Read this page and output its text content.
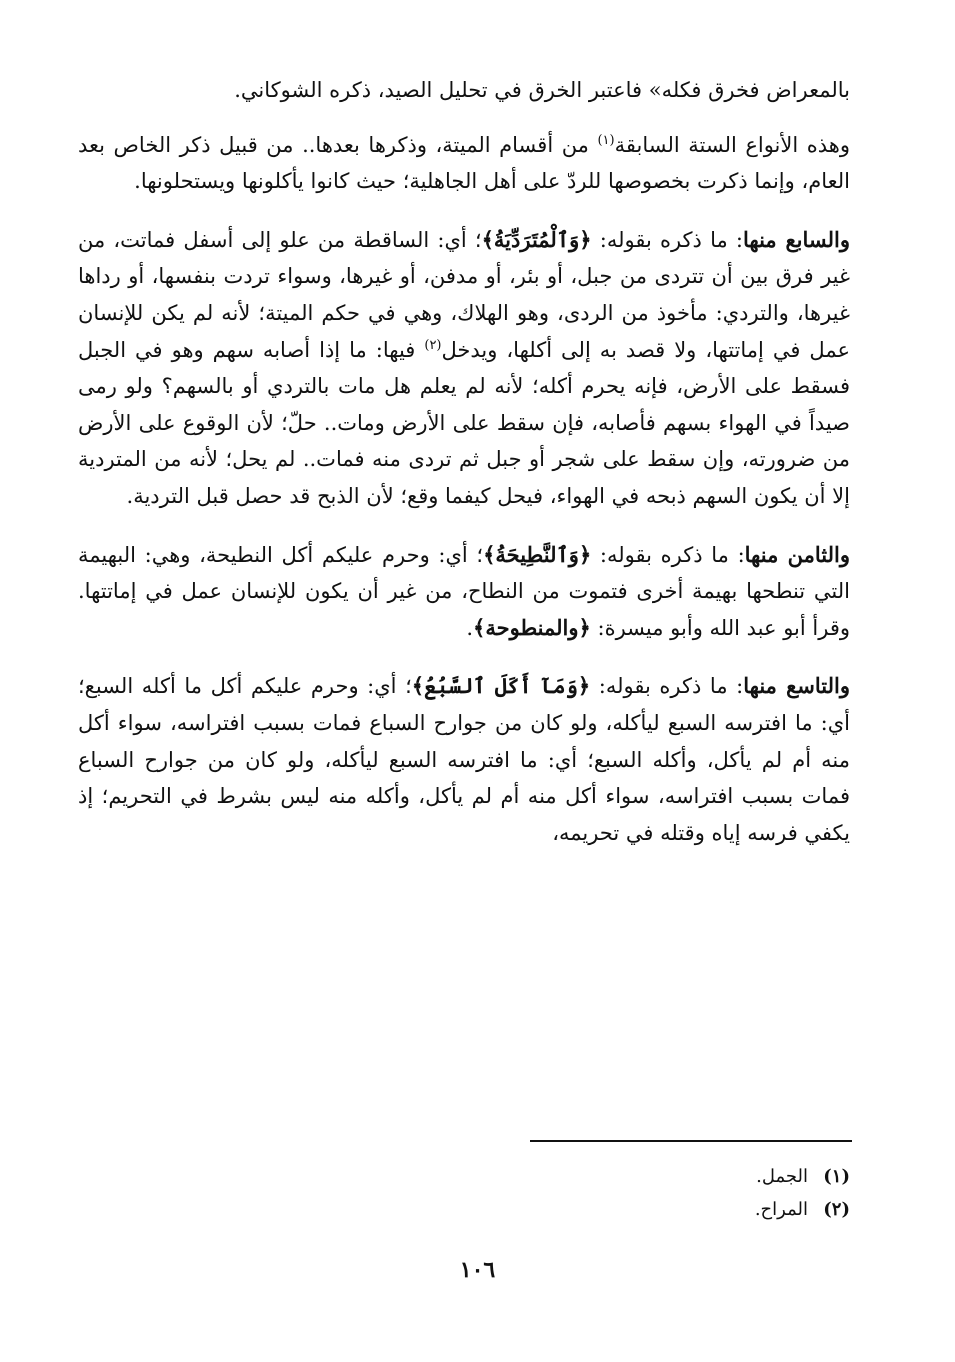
بالمعراض فخرق فكله» فاعتبر الخرق في تحليل الصيد، ذكره الشوكاني.

وهذه الأنواع الستة السابقة$^{(١)}$ من أقسام الميتة، وذكرها بعدها.. من قبيل ذكر الخاص بعد العام، وإنما ذكرت بخصوصها للردّ على أهل الجاهلية؛ حيث كانوا يأكلونها ويستحلونها.

والسابع منها: ما ذكره بقوله: ﴿وَٱلْمُتَرَدِّيَةُ﴾؛ أي: الساقطة من علو إلى أسفل فماتت، من غير فرق بين أن تتردى من جبل، أو بئر، أو مدفن، أو غيرها، وسواء تردت بنفسها، أو رداها غيرها، والتردي: مأخوذ من الردى، وهو الهلاك، وهي في حكم الميتة؛ لأنه لم يكن للإنسان عمل في إماتتها، ولا قصد به إلى أكلها، ويدخل$^{(٢)}$ فيها: ما إذا أصابه سهم وهو في الجبل فسقط على الأرض، فإنه يحرم أكله؛ لأنه لم يعلم هل مات بالتردي أو بالسهم؟ ولو رمى صيداً في الهواء بسهم فأصابه، فإن سقط على الأرض ومات.. حلّ؛ لأن الوقوع على الأرض من ضرورته، وإن سقط على شجر أو جبل ثم تردى منه فمات.. لم يحل؛ لأنه من المتردية إلا أن يكون السهم ذبحه في الهواء، فيحل كيفما وقع؛ لأن الذبح قد حصل قبل التردية.

والثامن منها: ما ذكره بقوله: ﴿وَٱلنَّطِيحَةُ﴾؛ أي: وحرم عليكم أكل النطيحة، وهي: البهيمة التي تنطحها بهيمة أخرى فتموت من النطاح، من غير أن يكون للإنسان عمل في إماتتها. وقرأ أبو عبد الله وأبو ميسرة: ﴿والمنطوحة﴾.

والتاسع منها: ما ذكره بقوله: ﴿وَمَآ أَكَلَ ٱلسَّبُعُ﴾؛ أي: وحرم عليكم أكل ما أكله السبع؛ أي: ما افترسه السبع ليأكله، ولو كان من جوارح السباع فمات بسبب افتراسه، سواء أكل منه أم لم يأكل، وأكله السبع؛ أي: ما افترسه السبع ليأكله، ولو كان من جوارح السباع فمات بسبب افتراسه، سواء أكل منه أم لم يأكل، وأكله منه ليس بشرط في التحريم؛ إذ يكفي فرسه إياه وقتله في تحريمه،

(١)الجمل.
(٢)المراح.
١٠٦
